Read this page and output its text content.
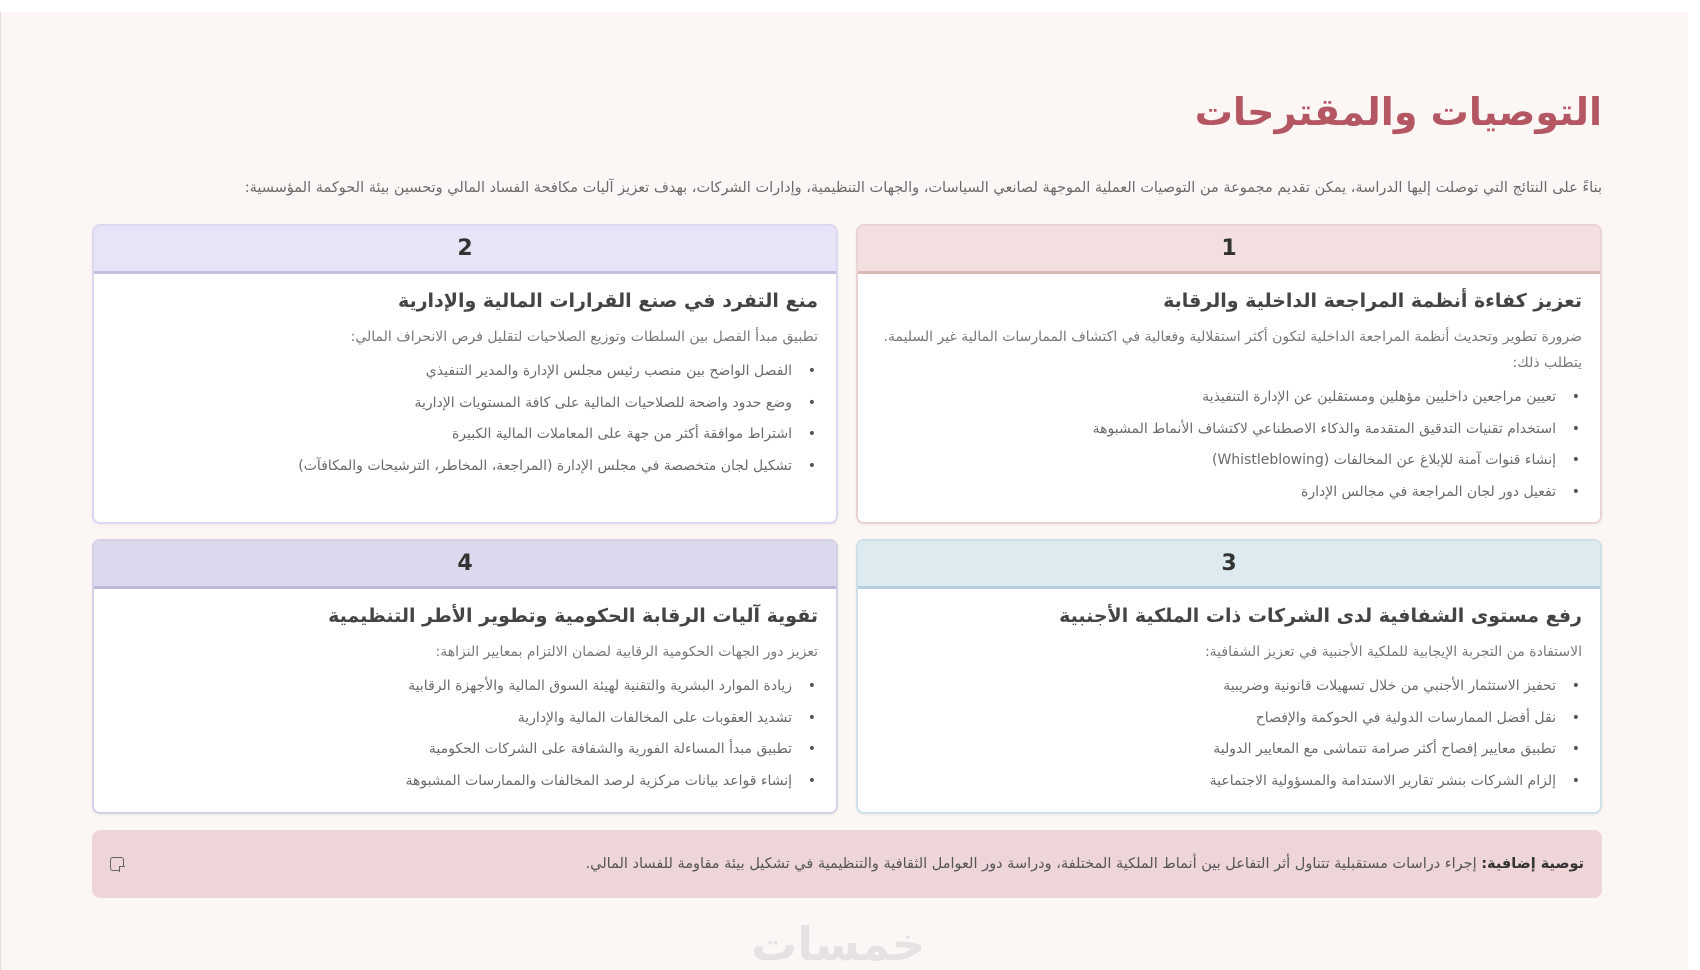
التوصيات والمقترحات

بناءً على النتائج التي توصلت إليها الدراسة، يمكن تقديم مجموعة من التوصيات العملية الموجهة لصانعي السياسات، والجهات التنظيمية، وإدارات الشركات، بهدف تعزيز آليات مكافحة الفساد المالي وتحسين بيئة الحوكمة المؤسسية:

1
تعزيز كفاءة أنظمة المراجعة الداخلية والرقابة

ضرورة تطوير وتحديث أنظمة المراجعة الداخلية لتكون أكثر استقلالية وفعالية في اكتشاف الممارسات المالية غير السليمة. يتطلب ذلك:

• تعيين مراجعين داخليين مؤهلين ومستقلين عن الإدارة التنفيذية
• استخدام تقنيات التدقيق المتقدمة والذكاء الاصطناعي لاكتشاف الأنماط المشبوهة
• إنشاء قنوات آمنة للإبلاغ عن المخالفات (Whistleblowing)
• تفعيل دور لجان المراجعة في مجالس الإدارة
2
منع التفرد في صنع القرارات المالية والإدارية

تطبيق مبدأ الفصل بين السلطات وتوزيع الصلاحيات لتقليل فرص الانحراف المالي:

• الفصل الواضح بين منصب رئيس مجلس الإدارة والمدير التنفيذي
• وضع حدود واضحة للصلاحيات المالية على كافة المستويات الإدارية
• اشتراط موافقة أكثر من جهة على المعاملات المالية الكبيرة
• تشكيل لجان متخصصة في مجلس الإدارة (المراجعة، المخاطر، الترشيحات والمكافآت)
3
رفع مستوى الشفافية لدى الشركات ذات الملكية الأجنبية

الاستفادة من التجربة الإيجابية للملكية الأجنبية في تعزيز الشفافية:

• تحفيز الاستثمار الأجنبي من خلال تسهيلات قانونية وضريبية
• نقل أفضل الممارسات الدولية في الحوكمة والإفصاح
• تطبيق معايير إفصاح أكثر صرامة تتماشى مع المعايير الدولية
• إلزام الشركات بنشر تقارير الاستدامة والمسؤولية الاجتماعية
4
تقوية آليات الرقابة الحكومية وتطوير الأطر التنظيمية

تعزيز دور الجهات الحكومية الرقابية لضمان الالتزام بمعايير النزاهة:

• زيادة الموارد البشرية والتقنية لهيئة السوق المالية والأجهزة الرقابية
• تشديد العقوبات على المخالفات المالية والإدارية
• تطبيق مبدأ المساءلة الفورية والشفافة على الشركات الحكومية
• إنشاء قواعد بيانات مركزية لرصد المخالفات والممارسات المشبوهة
توصية إضافية: إجراء دراسات مستقبلية تتناول أثر التفاعل بين أنماط الملكية المختلفة، ودراسة دور العوامل الثقافية والتنظيمية في تشكيل بيئة مقاومة للفساد المالي.
خمسات
